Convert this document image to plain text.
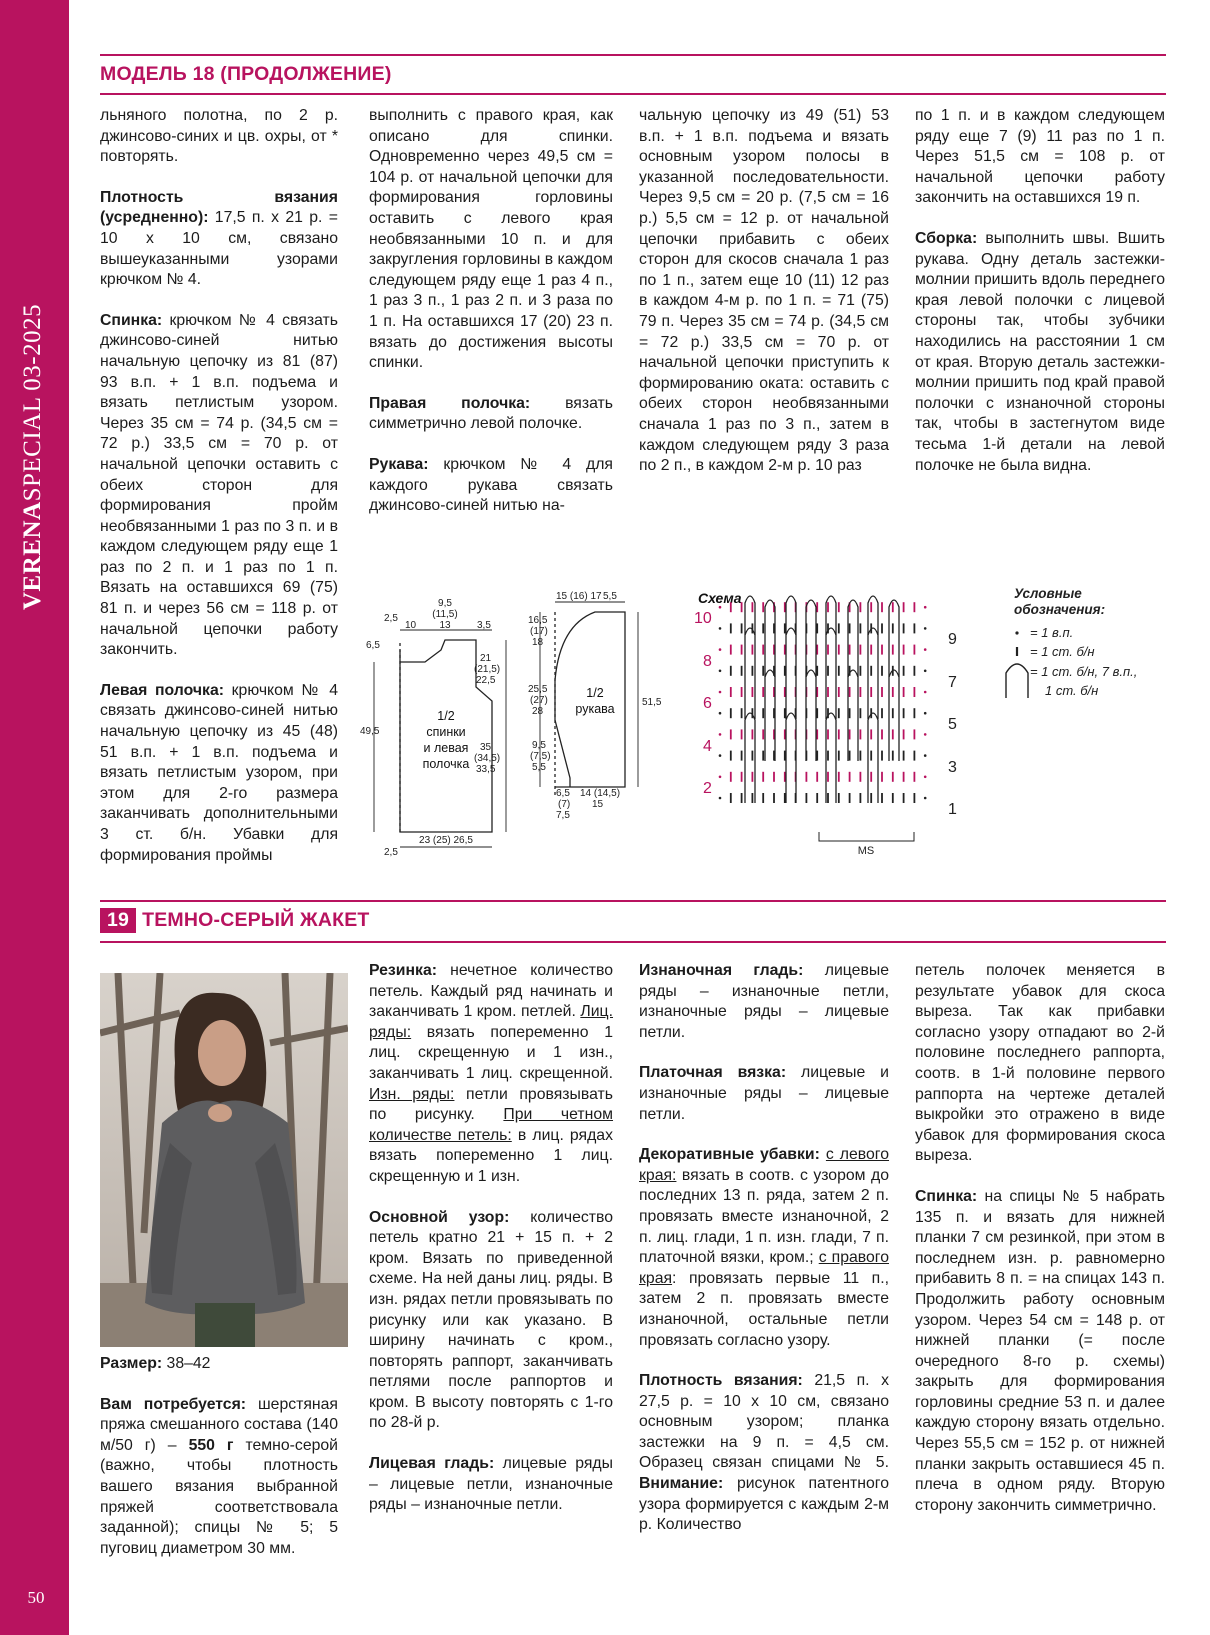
VERENASPECIAL 03-2025
50
МОДЕЛЬ 18 (ПРОДОЛЖЕНИЕ)

льняного полотна, по 2 р. джинсово-синих и цв. охры, от * повторять.

Плотность вязания (усредненно): 17,5 п. х 21 р. = 10 х 10 см, связано вышеуказанными узорами крючком № 4.

Спинка: крючком № 4 связать джинсово-синей нитью начальную цепочку из 81 (87) 93 в.п. + 1 в.п. подъема и вязать петлистым узором. Через 35 см = 74 р. (34,5 см = 72 р.) 33,5 см = 70 р. от начальной цепочки оставить с обеих сторон для формирования пройм необвязанными 1 раз по 3 п. и в каждом следующем ряду еще 1 раз по 2 п. и 1 раз по 1 п. Вязать на оставшихся 69 (75) 81 п. и через 56 см = 118 р. от начальной цепочки работу закончить.

Левая полочка: крючком № 4 связать джинсово-синей нитью начальную цепочку из 45 (48) 51 в.п. + 1 в.п. подъема и вязать петлистым узором, при этом для 2-го размера заканчивать дополнительными 3 ст. б/н. Убавки для формирования проймы

выполнить с правого края, как описано для спинки. Одновременно через 49,5 см = 104 р. от начальной цепочки для формирования горловины оставить с левого края необвязанными 10 п. и для закругления горловины в каждом следующем ряду еще 1 раз 4 п., 1 раз 3 п., 1 раз 2 п. и 3 раза по 1 п. На оставшихся 17 (20) 23 п. вязать до достижения высоты спинки.

Правая полочка: вязать симметрично левой полочке.

Рукава: крючком № 4 для каждого рукава связать джинсово-синей нитью на-

чальную цепочку из 49 (51) 53 в.п. + 1 в.п. подъема и вязать основным узором полосы в указанной последовательности. Через 9,5 см = 20 р. (7,5 см = 16 р.) 5,5 см = 12 р. от начальной цепочки прибавить с обеих сторон для скосов сначала 1 раз по 1 п., затем еще 10 (11) 12 раз в каждом 4-м р. по 1 п. = 71 (75) 79 п. Через 35 см = 74 р. (34,5 см = 72 р.) 33,5 см = 70 р. от начальной цепочки приступить к формированию оката: оставить с обеих сторон необвязанными сначала 1 раз по 3 п., затем в каждом следующем ряду 3 раза по 2 п., в каждом 2-м р. 10 раз

по 1 п. и в каждом следующем ряду еще 7 (9) 11 раз по 1 п. Через 51,5 см = 108 р. от начальной цепочки работу закончить на оставшихся 19 п.

Сборка: выполнить швы. Вшить рукава. Одну деталь застежки-молнии пришить вдоль переднего края левой полочки с лицевой стороны так, чтобы зубчики находились на расстоянии 1 см от края. Вторую деталь застежки-молнии пришить под край правой полочки с изнаночной стороны так, чтобы в застегнутом виде тесьма 1-й детали на левой полочке не была видна.

9,5
(11,5)
13
2,5
10	3,5
6,5
49,5
21
(21,5)
22,5
35
(34,5)
33,5
23 (25) 26,5
2,5
1/2
спинки
и левая
полочка
15 (16) 17 5,5
16,5
(17)
18
25,5
(27)
28
9,5
(7,5)
5,5
51,5
6,5
(7)
7,5
14 (14,5)
15
1/2
рукава
Схема
10
8
6
4
2
9
7
5
3
1
MS
Условные
обозначения:
= 1 в.п.
= 1 ст. б/н
= 1 ст. б/н, 7 в.п.,
1 ст. б/н
19 ТЕМНО-СЕРЫЙ ЖАКЕТ

Размер: 38–42

Вам потребуется: шерстяная пряжа смешанного состава (140 м/50 г) – 550 г темно-серой (важно, чтобы плотность вашего вязания выбранной пряжей соответствовала заданной); спицы № 5; 5 пуговиц диаметром 30 мм.

Резинка: нечетное количество петель. Каждый ряд начинать и заканчивать 1 кром. петлей. Лиц. ряды: вязать попеременно 1 лиц. скрещенную и 1 изн., заканчивать 1 лиц. скрещенной. Изн. ряды: петли провязывать по рисунку. При четном количестве петель: в лиц. рядах вязать попеременно 1 лиц. скрещенную и 1 изн.

Основной узор: количество петель кратно 21 + 15 п. + 2 кром. Вязать по приведенной схеме. На ней даны лиц. ряды. В изн. рядах петли провязывать по рисунку или как указано. В ширину начинать с кром., повторять раппорт, заканчивать петлями после раппортов и кром. В высоту повторять с 1-го по 28-й р.

Лицевая гладь: лицевые ряды – лицевые петли, изнаночные ряды – изнаночные петли.

Изнаночная гладь: лицевые ряды – изнаночные петли, изнаночные ряды – лицевые петли.

Платочная вязка: лицевые и изнаночные ряды – лицевые петли.

Декоративные убавки: с левого края: вязать в соотв. с узором до последних 13 п. ряда, затем 2 п. провязать вместе изнаночной, 2 п. лиц. глади, 1 п. изн. глади, 7 п. платочной вязки, кром.; с правого края: провязать первые 11 п., затем 2 п. провязать вместе изнаночной, остальные петли провязать согласно узору.

Плотность вязания: 21,5 п. х 27,5 р. = 10 х 10 см, связано основным узором; планка застежки на 9 п. = 4,5 см. Образец связан спицами № 5. Внимание: рисунок патентного узора формируется с каждым 2-м р. Количество

петель полочек меняется в результате убавок для скоса выреза. Так как прибавки согласно узору отпадают во 2-й половине последнего раппорта, соотв. в 1-й половине первого раппорта на чертеже деталей выкройки это отражено в виде убавок для формирования скоса выреза.

Спинка: на спицы № 5 набрать 135 п. и вязать для нижней планки 7 см резинкой, при этом в последнем изн. р. равномерно прибавить 8 п. = на спицах 143 п. Продолжить работу основным узором. Через 54 см = 148 р. от нижней планки (= после очередного 8-го р. схемы) закрыть для формирования горловины средние 53 п. и далее каждую сторону вязать отдельно. Через 55,5 см = 152 р. от нижней планки закрыть оставшиеся 45 п. плеча в одном ряду. Вторую сторону закончить симметрично.
